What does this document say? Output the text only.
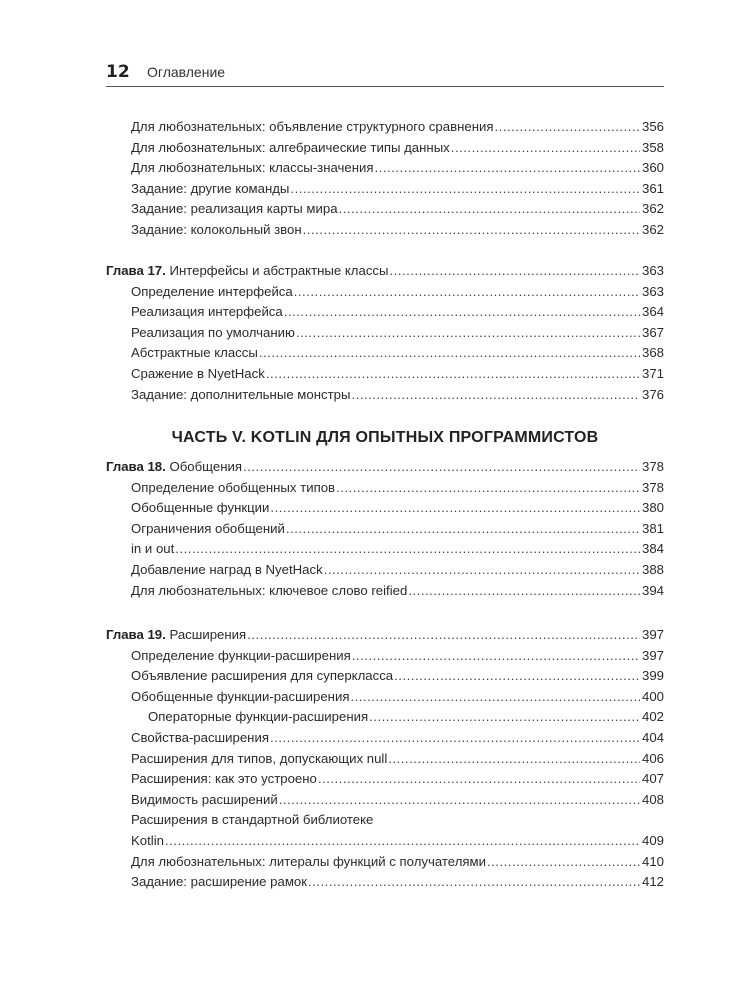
12 Оглавление
Для любознательных: объявление структурного сравнения .....	356
Для любознательных: алгебраические типы данных .....	358
Для любознательных: классы-значения .....	360
Задание: другие команды .....	361
Задание: реализация карты мира .....	362
Задание: колокольный звон .....	362
Глава 17. Интерфейсы и абстрактные классы .....	363
Определение интерфейса .....	363
Реализация интерфейса .....	364
Реализация по умолчанию .....	367
Абстрактные классы .....	368
Сражение в NyetHack .....	371
Задание: дополнительные монстры .....	376
ЧАСТЬ V. KOTLIN ДЛЯ ОПЫТНЫХ ПРОГРАММИСТОВ
Глава 18. Обобщения .....	378
Определение обобщенных типов .....	378
Обобщенные функции .....	380
Ограничения обобщений .....	381
in и out .....	384
Добавление наград в NyetHack .....	388
Для любознательных: ключевое слово reified .....	394
Глава 19. Расширения .....	397
Определение функции-расширения .....	397
Объявление расширения для суперкласса .....	399
Обобщенные функции-расширения .....	400
Операторные функции-расширения .....	402
Свойства-расширения .....	404
Расширения для типов, допускающих null .....	406
Расширения: как это устроено .....	407
Видимость расширений .....	408
Расширения в стандартной библиотеке
Kotlin .....	409
Для любознательных: литералы функций с получателями .....	410
Задание: расширение рамок .....	412
